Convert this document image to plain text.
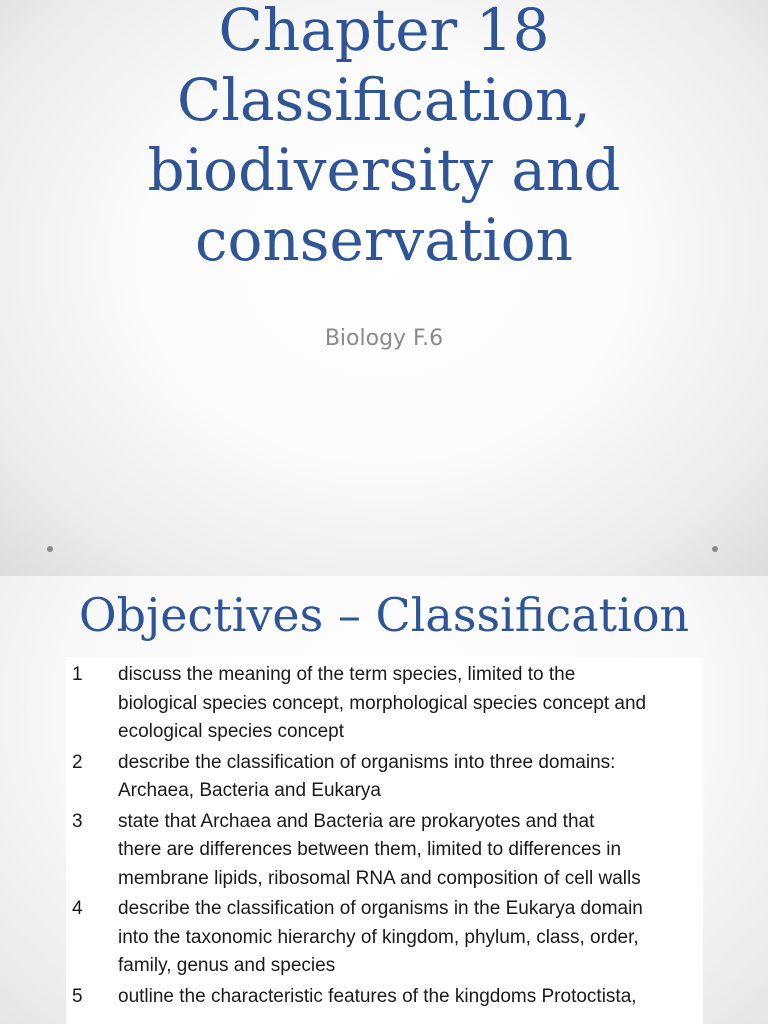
Chapter 18
Classification,
biodiversity and
conservation
Biology F.6
Objectives – Classification
1	discuss the meaning of the term species, limited to the
biological species concept, morphological species concept and
ecological species concept
2	describe the classification of organisms into three domains:
Archaea, Bacteria and Eukarya
3	state that Archaea and Bacteria are prokaryotes and that
there are differences between them, limited to differences in
membrane lipids, ribosomal RNA and composition of cell walls
4	describe the classification of organisms in the Eukarya domain
into the taxonomic hierarchy of kingdom, phylum, class, order,
family, genus and species
5	outline the characteristic features of the kingdoms Protoctista,
